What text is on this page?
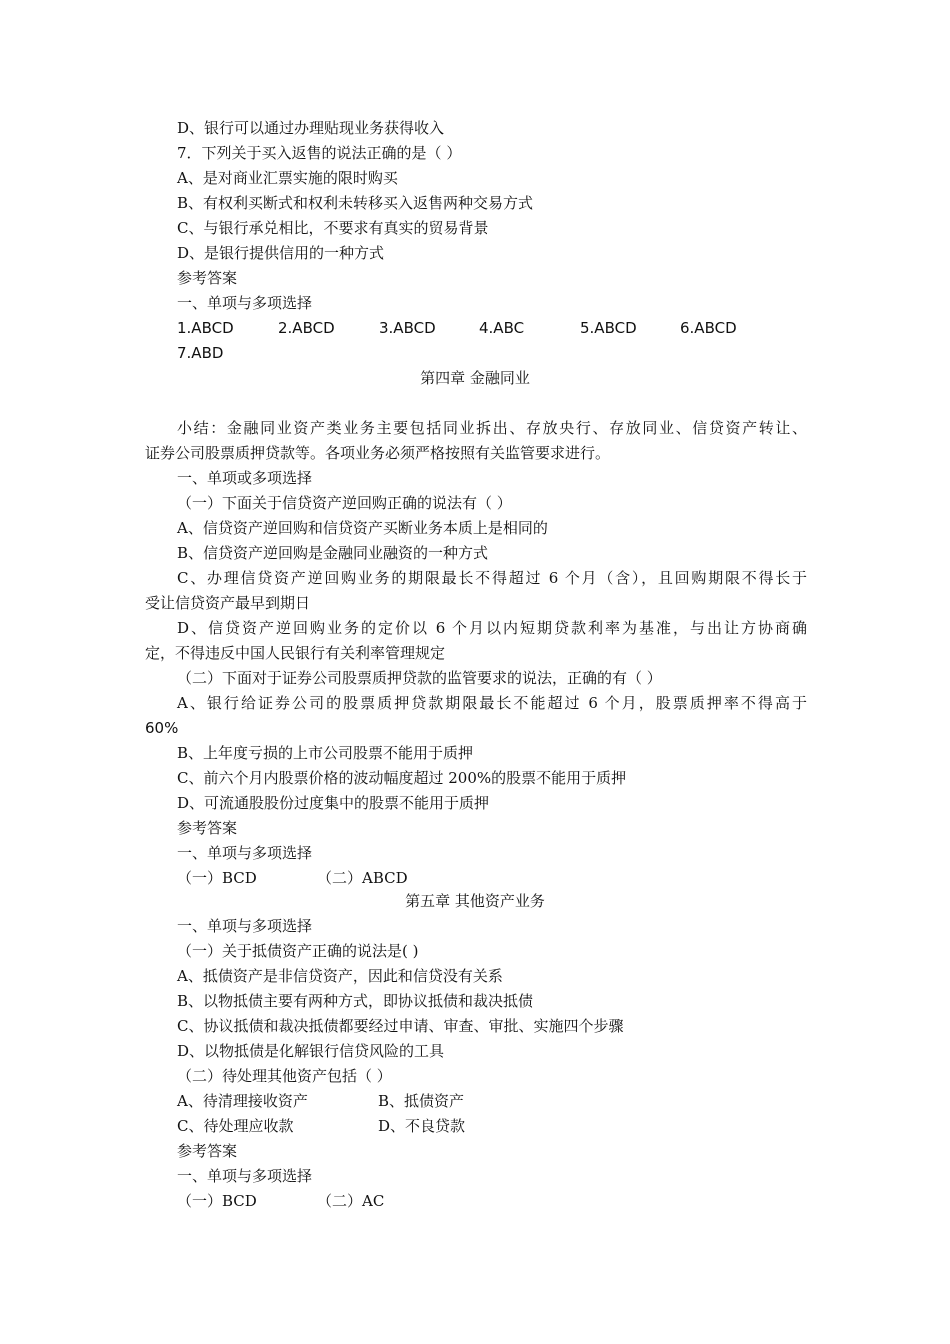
D、银行可以通过办理贴现业务获得收入
7．下列关于买入返售的说法正确的是（ ）
A、是对商业汇票实施的限时购买
B、有权利买断式和权利未转移买入返售两种交易方式
C、与银行承兑相比，不要求有真实的贸易背景
D、是银行提供信用的一种方式
参考答案
一、单项与多项选择
1.ABCD	2.ABCD	3.ABCD	4.ABC	5.ABCD	6.ABCD
7.ABD
第四章 金融同业
小结：金融同业资产类业务主要包括同业拆出、存放央行、存放同业、信贷资产转让、
证券公司股票质押贷款等。各项业务必须严格按照有关监管要求进行。
一、单项或多项选择
（一）下面关于信贷资产逆回购正确的说法有（ ）
A、信贷资产逆回购和信贷资产买断业务本质上是相同的
B、信贷资产逆回购是金融同业融资的一种方式
C、办理信贷资产逆回购业务的期限最长不得超过 6 个月（含），且回购期限不得长于
受让信贷资产最早到期日
D、信贷资产逆回购业务的定价以 6 个月以内短期贷款利率为基准，与出让方协商确
定，不得违反中国人民银行有关利率管理规定
（二）下面对于证券公司股票质押贷款的监管要求的说法，正确的有（ ）
A、银行给证券公司的股票质押贷款期限最长不能超过 6 个月，股票质押率不得高于
60%
B、上年度亏损的上市公司股票不能用于质押
C、前六个月内股票价格的波动幅度超过 200%的股票不能用于质押
D、可流通股股份过度集中的股票不能用于质押
参考答案
一、单项与多项选择
（一）BCD	（二）ABCD
第五章 其他资产业务
一、单项与多项选择
（一）关于抵债资产正确的说法是( )
A、抵债资产是非信贷资产，因此和信贷没有关系
B、以物抵债主要有两种方式，即协议抵债和裁决抵债
C、协议抵债和裁决抵债都要经过申请、审查、审批、实施四个步骤
D、以物抵债是化解银行信贷风险的工具
（二）待处理其他资产包括（ ）
A、待清理接收资产	B、抵债资产
C、待处理应收款	D、不良贷款
参考答案
一、单项与多项选择
（一）BCD	（二）AC
